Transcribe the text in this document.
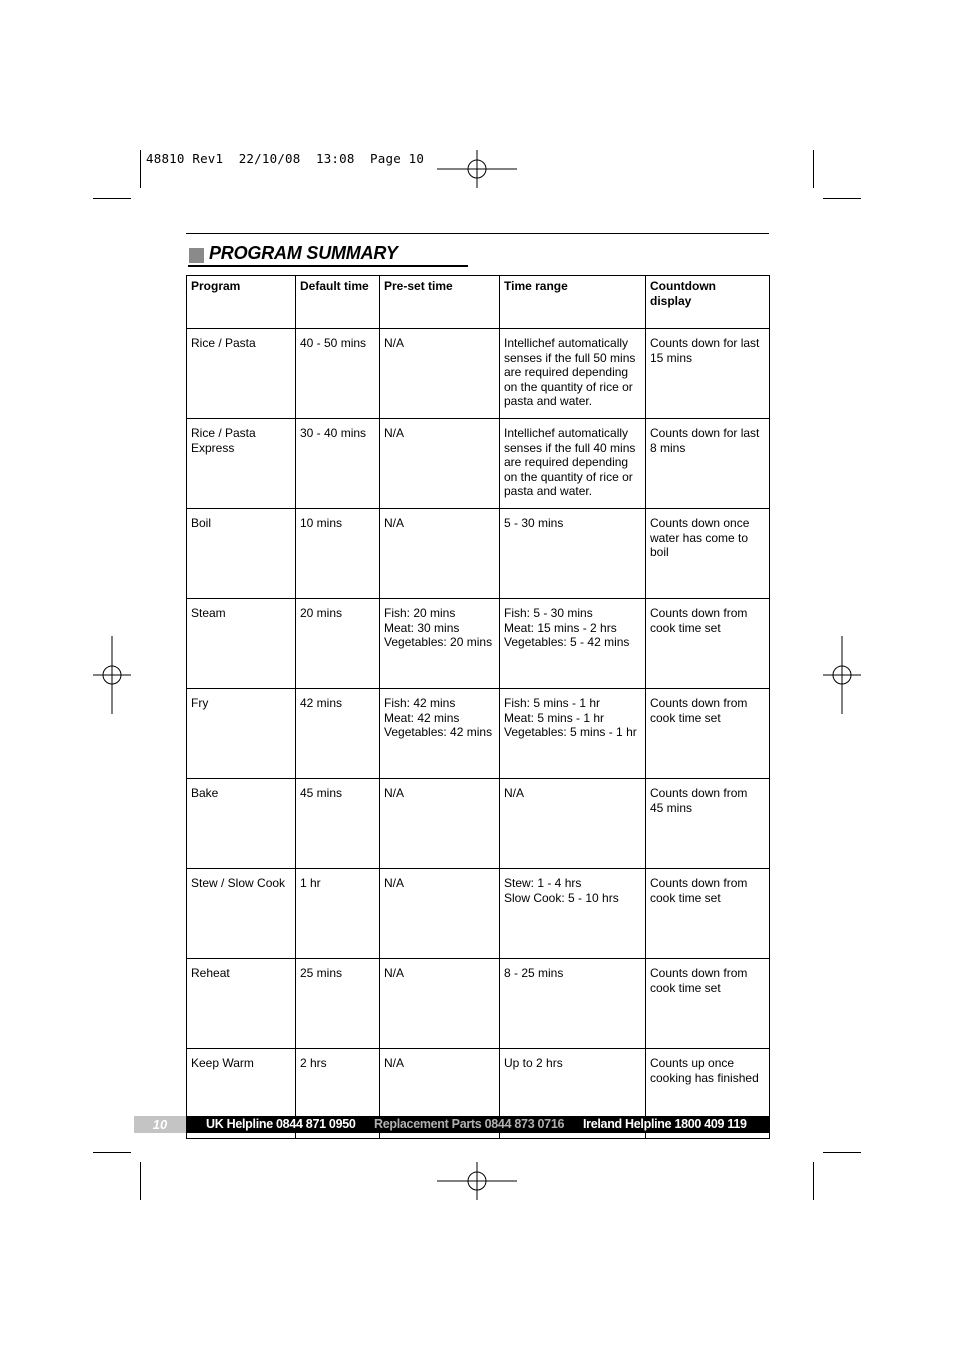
48810 Rev1  22/10/08  13:08  Page 10
PROGRAM SUMMARY
Program	Default time	Pre-set time	Time range	Countdown
display
Rice / Pasta	40 - 50 mins	N/A	Intellichef automatically
senses if the full 50 mins
are required depending
on the quantity of rice or
pasta and water.	Counts down for last
15 mins
Rice / Pasta
Express	30 - 40 mins	N/A	Intellichef automatically
senses if the full 40 mins
are required depending
on the quantity of rice or
pasta and water.	Counts down for last
8 mins
Boil	10 mins	N/A	5 - 30 mins	Counts down once
water has come to
boil
Steam	20 mins	Fish: 20 mins
Meat: 30 mins
Vegetables: 20 mins	Fish: 5 - 30 mins
Meat: 15 mins - 2 hrs
Vegetables: 5 - 42 mins	Counts down from
cook time set
Fry	42 mins	Fish: 42 mins
Meat: 42 mins
Vegetables: 42 mins	Fish: 5 mins - 1 hr
Meat: 5 mins - 1 hr
Vegetables: 5 mins - 1 hr	Counts down from
cook time set
Bake	45 mins	N/A	N/A	Counts down from
45 mins
Stew / Slow Cook	1 hr	N/A	Stew: 1 - 4 hrs
Slow Cook: 5 - 10 hrs	Counts down from
cook time set
Reheat	25 mins	N/A	8 - 25 mins	Counts down from
cook time set
Keep Warm	2 hrs	N/A	Up to 2 hrs	Counts up once
cooking has finished
10	UK Helpline 0844 871 0950 Replacement Parts 0844 873 0716 Ireland Helpline 1800 409 119
